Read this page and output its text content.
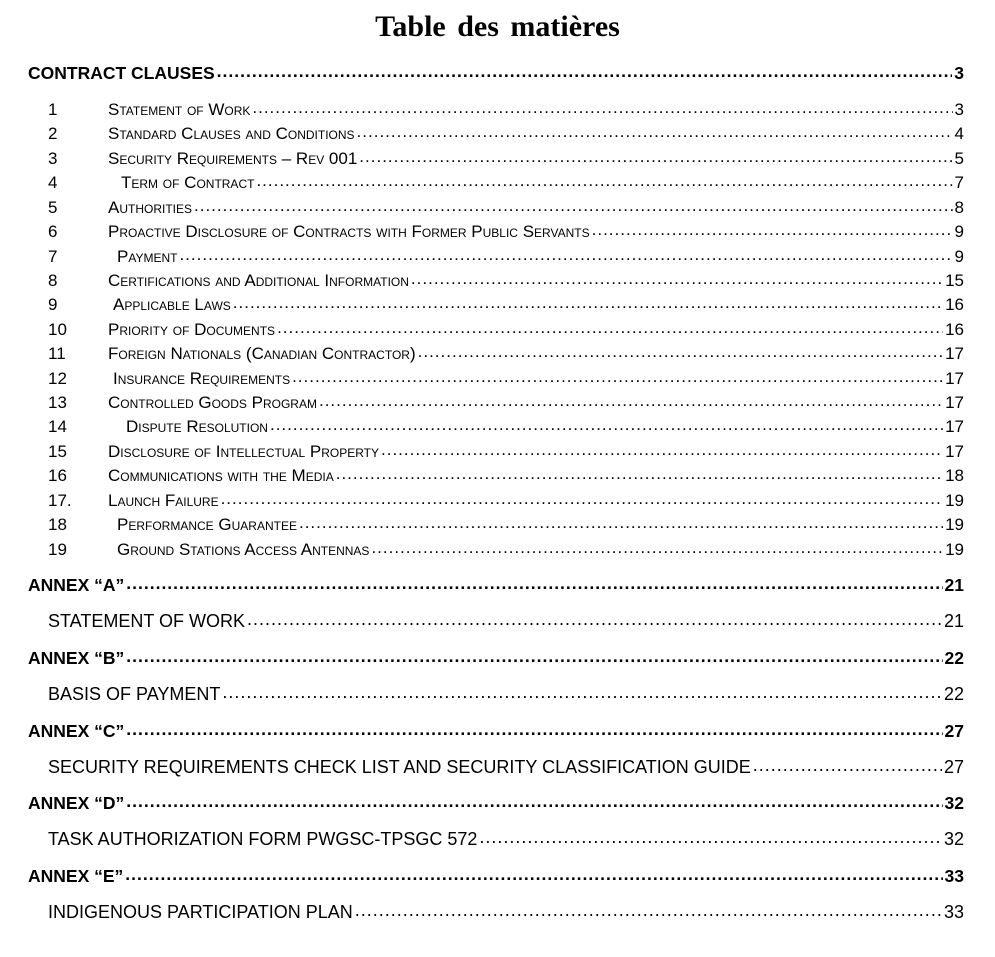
Table des matières
CONTRACT CLAUSES .....	3
1	Statement of Work .....	3
2	Standard Clauses and Conditions .....	4
3	Security Requirements – Rev 001 .....	5
4	Term of Contract .....	7
5	Authorities .....	8
6	Proactive Disclosure of Contracts with Former Public Servants .....	9
7	Payment .....	9
8	Certifications and Additional Information .....	15
9	Applicable Laws .....	16
10	Priority of Documents .....	16
11	Foreign Nationals (Canadian Contractor) .....	17
12	Insurance Requirements .....	17
13	Controlled Goods Program .....	17
14	Dispute Resolution .....	17
15	Disclosure of Intellectual Property .....	17
16	Communications with the Media .....	18
17.	Launch Failure .....	19
18	Performance Guarantee .....	19
19	Ground Stations Access Antennas .....	19
ANNEX “A” .....	21
STATEMENT OF WORK .....	21
ANNEX “B” .....	22
BASIS OF PAYMENT .....	22
ANNEX “C” .....	27
SECURITY REQUIREMENTS CHECK LIST AND SECURITY CLASSIFICATION GUIDE .....	27
ANNEX “D” .....	32
TASK AUTHORIZATION FORM PWGSC-TPSGC 572 .....	32
ANNEX “E” .....	33
INDIGENOUS PARTICIPATION PLAN .....	33
